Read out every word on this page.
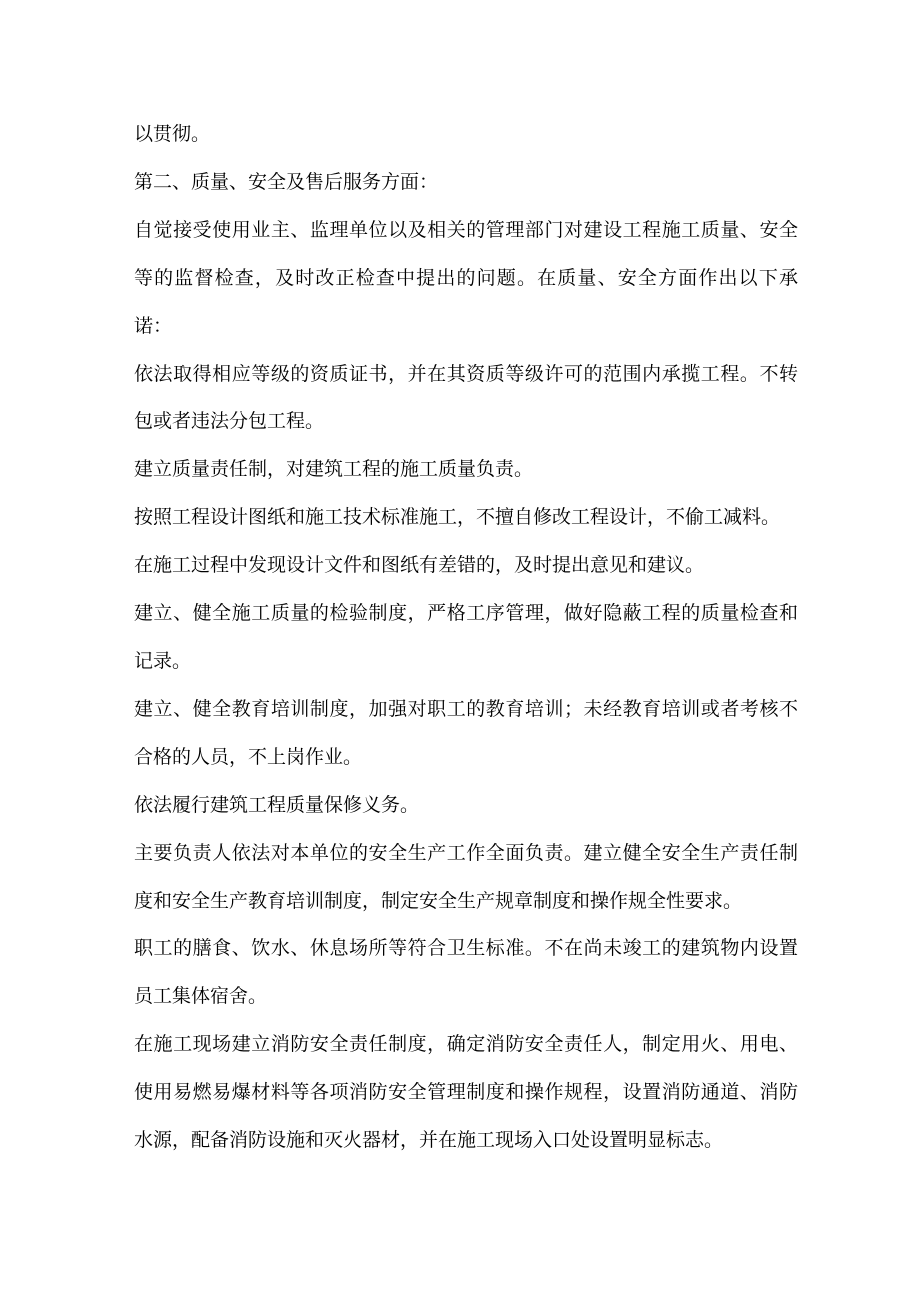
以贯彻。

第二、质量、安全及售后服务方面：

自觉接受使用业主、监理单位以及相关的管理部门对建设工程施工质量、安全等的监督检查，及时改正检查中提出的问题。在质量、安全方面作出以下承诺：

依法取得相应等级的资质证书，并在其资质等级许可的范围内承揽工程。不转包或者违法分包工程。

建立质量责任制，对建筑工程的施工质量负责。

按照工程设计图纸和施工技术标准施工，不擅自修改工程设计，不偷工减料。

在施工过程中发现设计文件和图纸有差错的，及时提出意见和建议。

建立、健全施工质量的检验制度，严格工序管理，做好隐蔽工程的质量检查和记录。

建立、健全教育培训制度，加强对职工的教育培训；未经教育培训或者考核不合格的人员，不上岗作业。

依法履行建筑工程质量保修义务。

主要负责人依法对本单位的安全生产工作全面负责。建立健全安全生产责任制度和安全生产教育培训制度，制定安全生产规章制度和操作规全性要求。

职工的膳食、饮水、休息场所等符合卫生标准。不在尚未竣工的建筑物内设置员工集体宿舍。

在施工现场建立消防安全责任制度，确定消防安全责任人，制定用火、用电、使用易燃易爆材料等各项消防安全管理制度和操作规程，设置消防通道、消防水源，配备消防设施和灭火器材，并在施工现场入口处设置明显标志。
